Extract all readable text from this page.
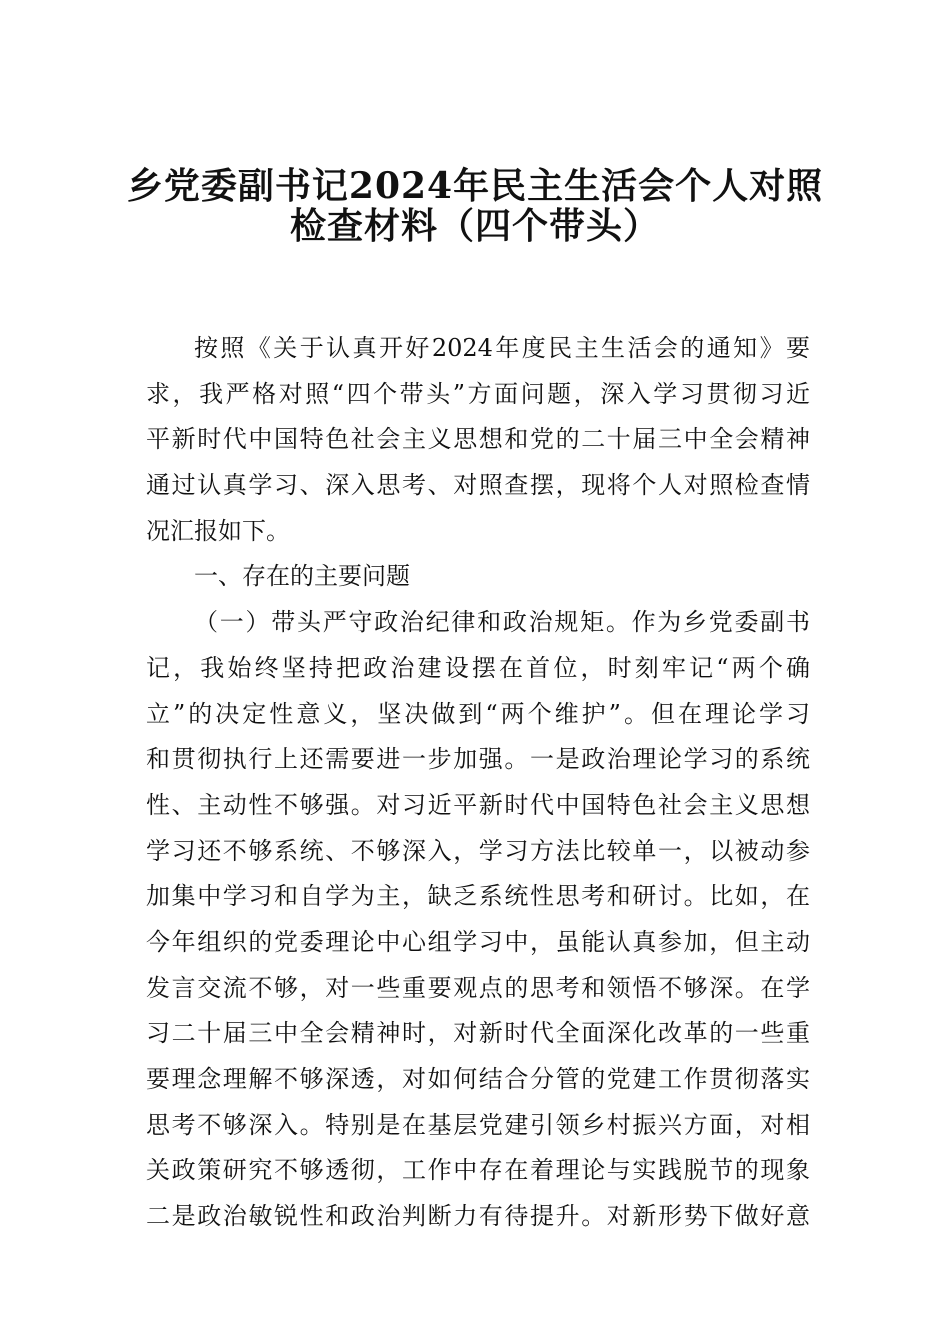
乡党委副书记2024年民主生活会个人对照
检查材料（四个带头）
按照《关于认真开好2024年度民主生活会的通知》要
求，我严格对照“四个带头”方面问题，深入学习贯彻习近
平新时代中国特色社会主义思想和党的二十届三中全会精神
通过认真学习、深入思考、对照查摆，现将个人对照检查情
况汇报如下。
一、存在的主要问题
（一）带头严守政治纪律和政治规矩。作为乡党委副书
记，我始终坚持把政治建设摆在首位，时刻牢记“两个确
立”的决定性意义，坚决做到“两个维护”。但在理论学习
和贯彻执行上还需要进一步加强。一是政治理论学习的系统
性、主动性不够强。对习近平新时代中国特色社会主义思想
学习还不够系统、不够深入，学习方法比较单一，以被动参
加集中学习和自学为主，缺乏系统性思考和研讨。比如，在
今年组织的党委理论中心组学习中，虽能认真参加，但主动
发言交流不够，对一些重要观点的思考和领悟不够深。在学
习二十届三中全会精神时，对新时代全面深化改革的一些重
要理念理解不够深透，对如何结合分管的党建工作贯彻落实
思考不够深入。特别是在基层党建引领乡村振兴方面，对相
关政策研究不够透彻，工作中存在着理论与实践脱节的现象
二是政治敏锐性和政治判断力有待提升。对新形势下做好意
